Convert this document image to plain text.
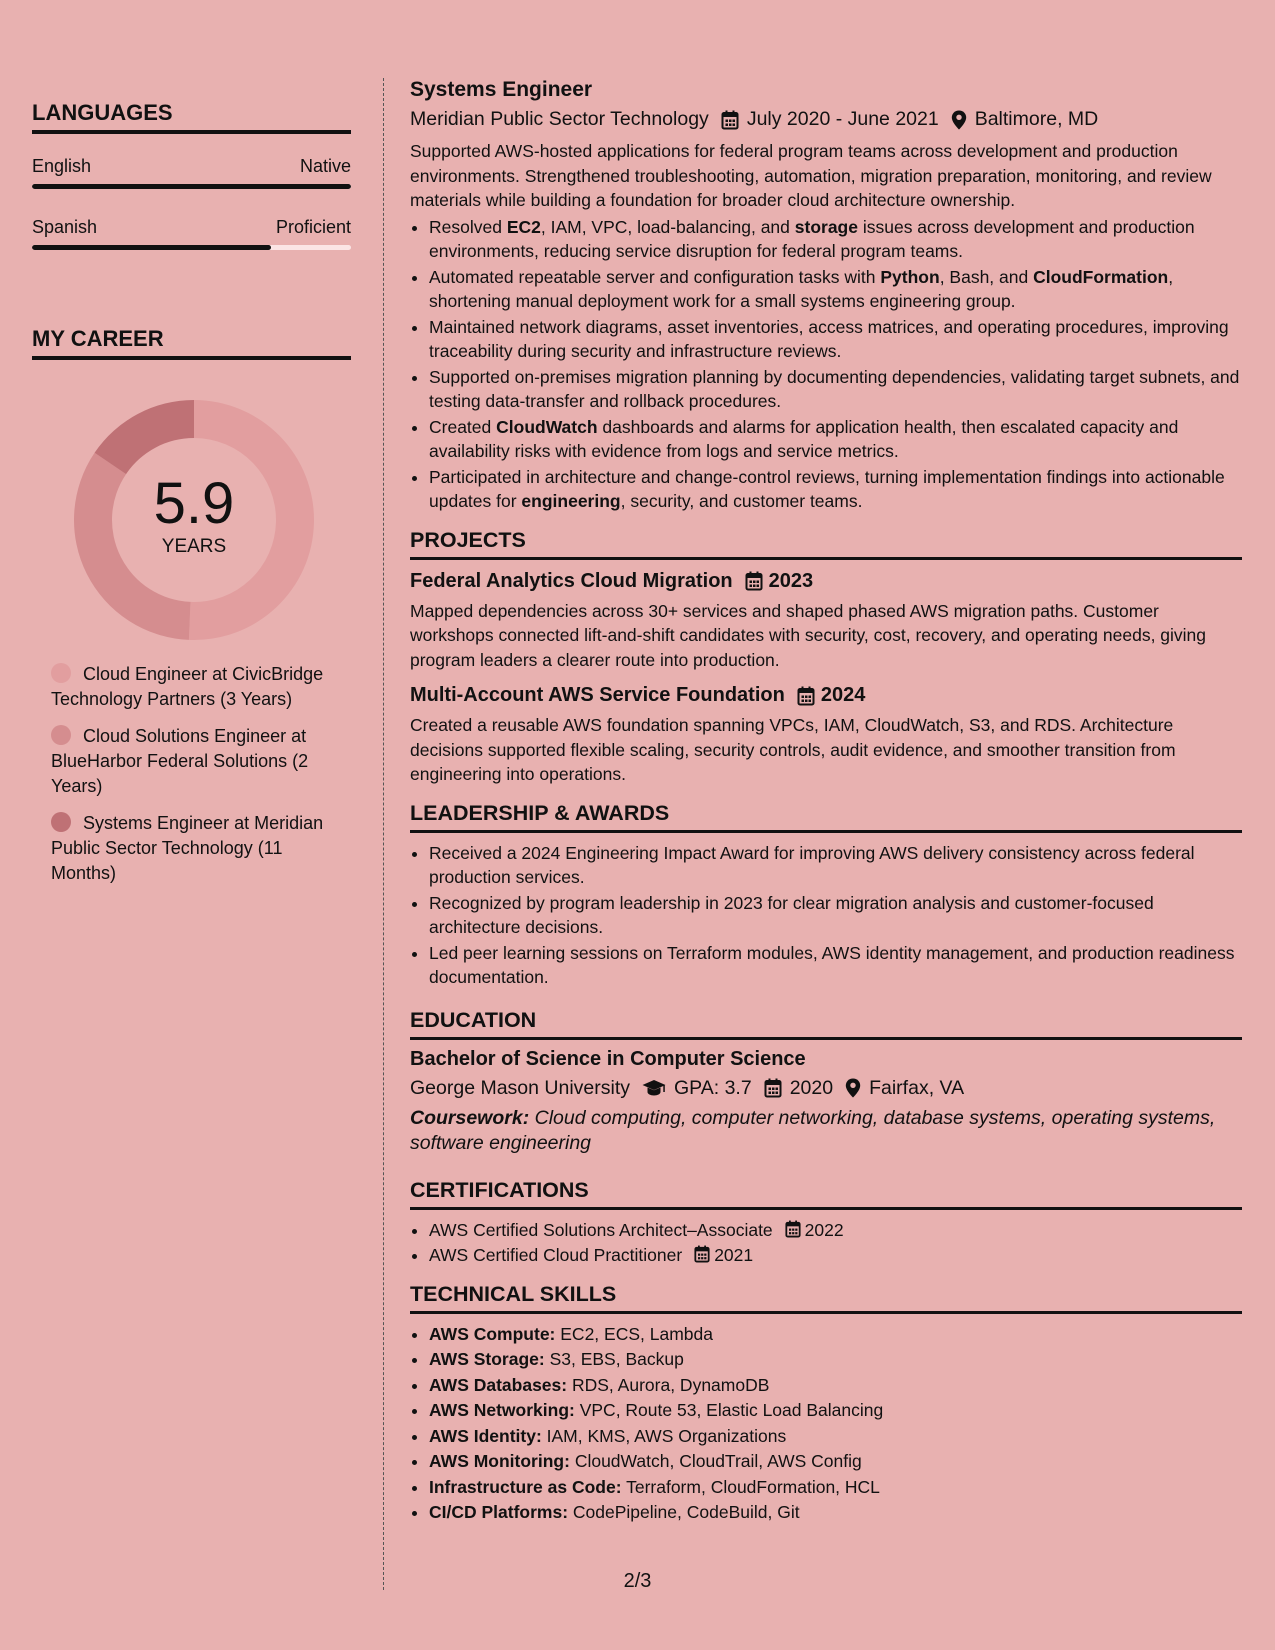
LANGUAGES
English	Native
Spanish	Proficient
MY CAREER
5.9
YEARS
Cloud Engineer at CivicBridge Technology Partners (3 Years)
Cloud Solutions Engineer at BlueHarbor Federal Solutions (2 Years)
Systems Engineer at Meridian Public Sector Technology (11 Months)
Systems Engineer
Meridian Public Sector Technology July 2020 - June 2021 Baltimore, MD

Supported AWS-hosted applications for federal program teams across development and production environments. Strengthened troubleshooting, automation, migration preparation, monitoring, and review materials while building a foundation for broader cloud architecture ownership.

• Resolved EC2, IAM, VPC, load-balancing, and storage issues across development and production environments, reducing service disruption for federal program teams.
• Automated repeatable server and configuration tasks with Python, Bash, and CloudFormation, shortening manual deployment work for a small systems engineering group.
• Maintained network diagrams, asset inventories, access matrices, and operating procedures, improving traceability during security and infrastructure reviews.
• Supported on-premises migration planning by documenting dependencies, validating target subnets, and testing data-transfer and rollback procedures.
• Created CloudWatch dashboards and alarms for application health, then escalated capacity and availability risks with evidence from logs and service metrics.
• Participated in architecture and change-control reviews, turning implementation findings into actionable updates for engineering, security, and customer teams.
PROJECTS
Federal Analytics Cloud Migration 2023

Mapped dependencies across 30+ services and shaped phased AWS migration paths. Customer workshops connected lift-and-shift candidates with security, cost, recovery, and operating needs, giving program leaders a clearer route into production.

Multi-Account AWS Service Foundation 2024

Created a reusable AWS foundation spanning VPCs, IAM, CloudWatch, S3, and RDS. Architecture decisions supported flexible scaling, security controls, audit evidence, and smoother transition from engineering into operations.

LEADERSHIP & AWARDS
• Received a 2024 Engineering Impact Award for improving AWS delivery consistency across federal production services.
• Recognized by program leadership in 2023 for clear migration analysis and customer-focused architecture decisions.
• Led peer learning sessions on Terraform modules, AWS identity management, and production readiness documentation.
EDUCATION
Bachelor of Science in Computer Science
George Mason University GPA: 3.7 2020 Fairfax, VA
Coursework: Cloud computing, computer networking, database systems, operating systems, software engineering
CERTIFICATIONS
• AWS Certified Solutions Architect–Associate 2022
• AWS Certified Cloud Practitioner 2021
TECHNICAL SKILLS
• AWS Compute: EC2, ECS, Lambda
• AWS Storage: S3, EBS, Backup
• AWS Databases: RDS, Aurora, DynamoDB
• AWS Networking: VPC, Route 53, Elastic Load Balancing
• AWS Identity: IAM, KMS, AWS Organizations
• AWS Monitoring: CloudWatch, CloudTrail, AWS Config
• Infrastructure as Code: Terraform, CloudFormation, HCL
• CI/CD Platforms: CodePipeline, CodeBuild, Git
2/3
